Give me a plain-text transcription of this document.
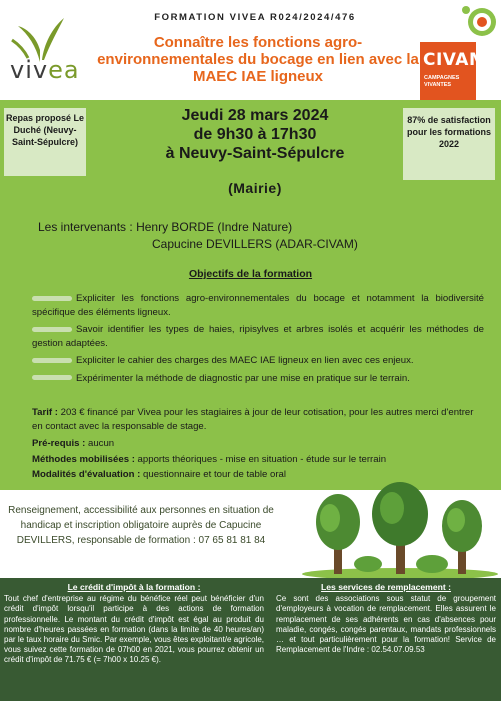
vivea
FORMATION VIVEA R024/2024/476
Connaître les fonctions agro-environnementales du bocage en lien avec la MAEC IAE ligneux
CIVAM
CAMPAGNES VIVANTES
Repas proposé Le Duché (Neuvy-Saint-Sépulcre)
87% de satisfaction pour les formations 2022
Jeudi 28 mars 2024
de 9h30 à 17h30
à Neuvy-Saint-Sépulcre
(Mairie)
Les intervenants : Henry BORDE (Indre Nature)
Capucine DEVILLERS (ADAR-CIVAM)
Objectifs de la formation
Expliciter les fonctions agro-environnementales du bocage et notamment la biodiversité spécifique des éléments ligneux.
Savoir identifier les types de haies, ripisylves et arbres isolés et acquérir les méthodes de gestion adaptées.
Expliciter le cahier des charges des MAEC IAE ligneux en lien avec ces enjeux.
Expérimenter la méthode de diagnostic par une mise en pratique sur le terrain.
Tarif : 203 € financé par Vivea pour les stagiaires à jour de leur cotisation, pour les autres merci d'entrer en contact avec la responsable de stage.
Pré-requis : aucun
Méthodes mobilisées : apports théoriques - mise en situation - étude sur le terrain
Modalités d'évaluation : questionnaire et tour de table oral
Renseignement, accessibilité aux personnes en situation de handicap et inscription obligatoire auprès de Capucine DEVILLERS, responsable de formation : 07 65 81 81 84
Le crédit d'impôt à la formation :

Tout chef d'entreprise au régime du bénéfice réel peut bénéficier d'un crédit d'impôt lorsqu'il participe à des actions de formation professionnelle. Le montant du crédit d'impôt est égal au produit du nombre d'heures passées en formation (dans la limite de 40 heures/an) par le taux horaire du Smic. Par exemple, vous êtes exploitant/e agricole, vous suivez cette formation de 07h00 en 2021, vous pourrez obtenir un crédit d'impôt de 71.75 € (= 7h00 x 10.25 €).

Les services de remplacement :

Ce sont des associations sous statut de groupement d'employeurs à vocation de remplacement. Elles assurent le remplacement de ses adhérents en cas d'absences pour maladie, congés, congés parentaux, mandats professionnels … et tout particulièrement pour la formation! Service de Remplacement de l'Indre : 02.54.07.09.53
